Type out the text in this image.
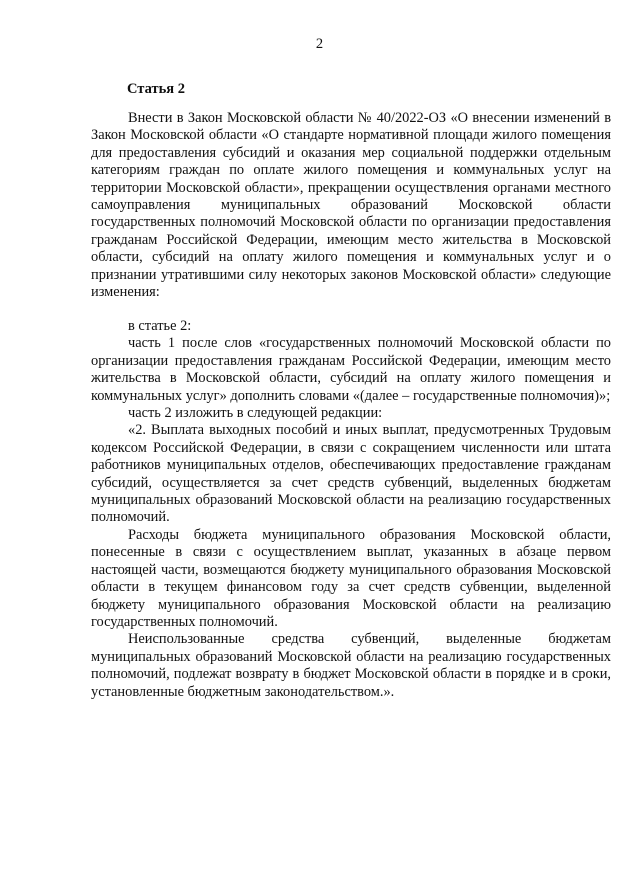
2
Статья 2

Внести в Закон Московской области № 40/2022-ОЗ «О внесении изменений в Закон Московской области «О стандарте нормативной площади жилого помещения для предоставления субсидий и оказания мер социальной поддержки отдельным категориям граждан по оплате жилого помещения и коммунальных услуг на территории Московской области», прекращении осуществления органами местного самоуправления муниципальных образований Московской области государственных полномочий Московской области по организации предоставления гражданам Российской Федерации, имеющим место жительства в Московской области, субсидий на оплату жилого помещения и коммунальных услуг и о признании утратившими силу некоторых законов Московской области» следующие изменения:

в статье 2:

часть 1 после слов «государственных полномочий Московской области по организации предоставления гражданам Российской Федерации, имеющим место жительства в Московской области, субсидий на оплату жилого помещения и коммунальных услуг» дополнить словами «(далее – государственные полномочия)»;

часть 2 изложить в следующей редакции:

«2. Выплата выходных пособий и иных выплат, предусмотренных Трудовым кодексом Российской Федерации, в связи с сокращением численности или штата работников муниципальных отделов, обеспечивающих предоставление гражданам субсидий, осуществляется за счет средств субвенций, выделенных бюджетам муниципальных образований Московской области на реализацию государственных полномочий.

Расходы бюджета муниципального образования Московской области, понесенные в связи с осуществлением выплат, указанных в абзаце первом настоящей части, возмещаются бюджету муниципального образования Московской области в текущем финансовом году за счет средств субвенции, выделенной бюджету муниципального образования Московской области на реализацию государственных полномочий.

Неиспользованные средства субвенций, выделенные бюджетам муниципальных образований Московской области на реализацию государственных полномочий, подлежат возврату в бюджет Московской области в порядке и в сроки, установленные бюджетным законодательством.».
